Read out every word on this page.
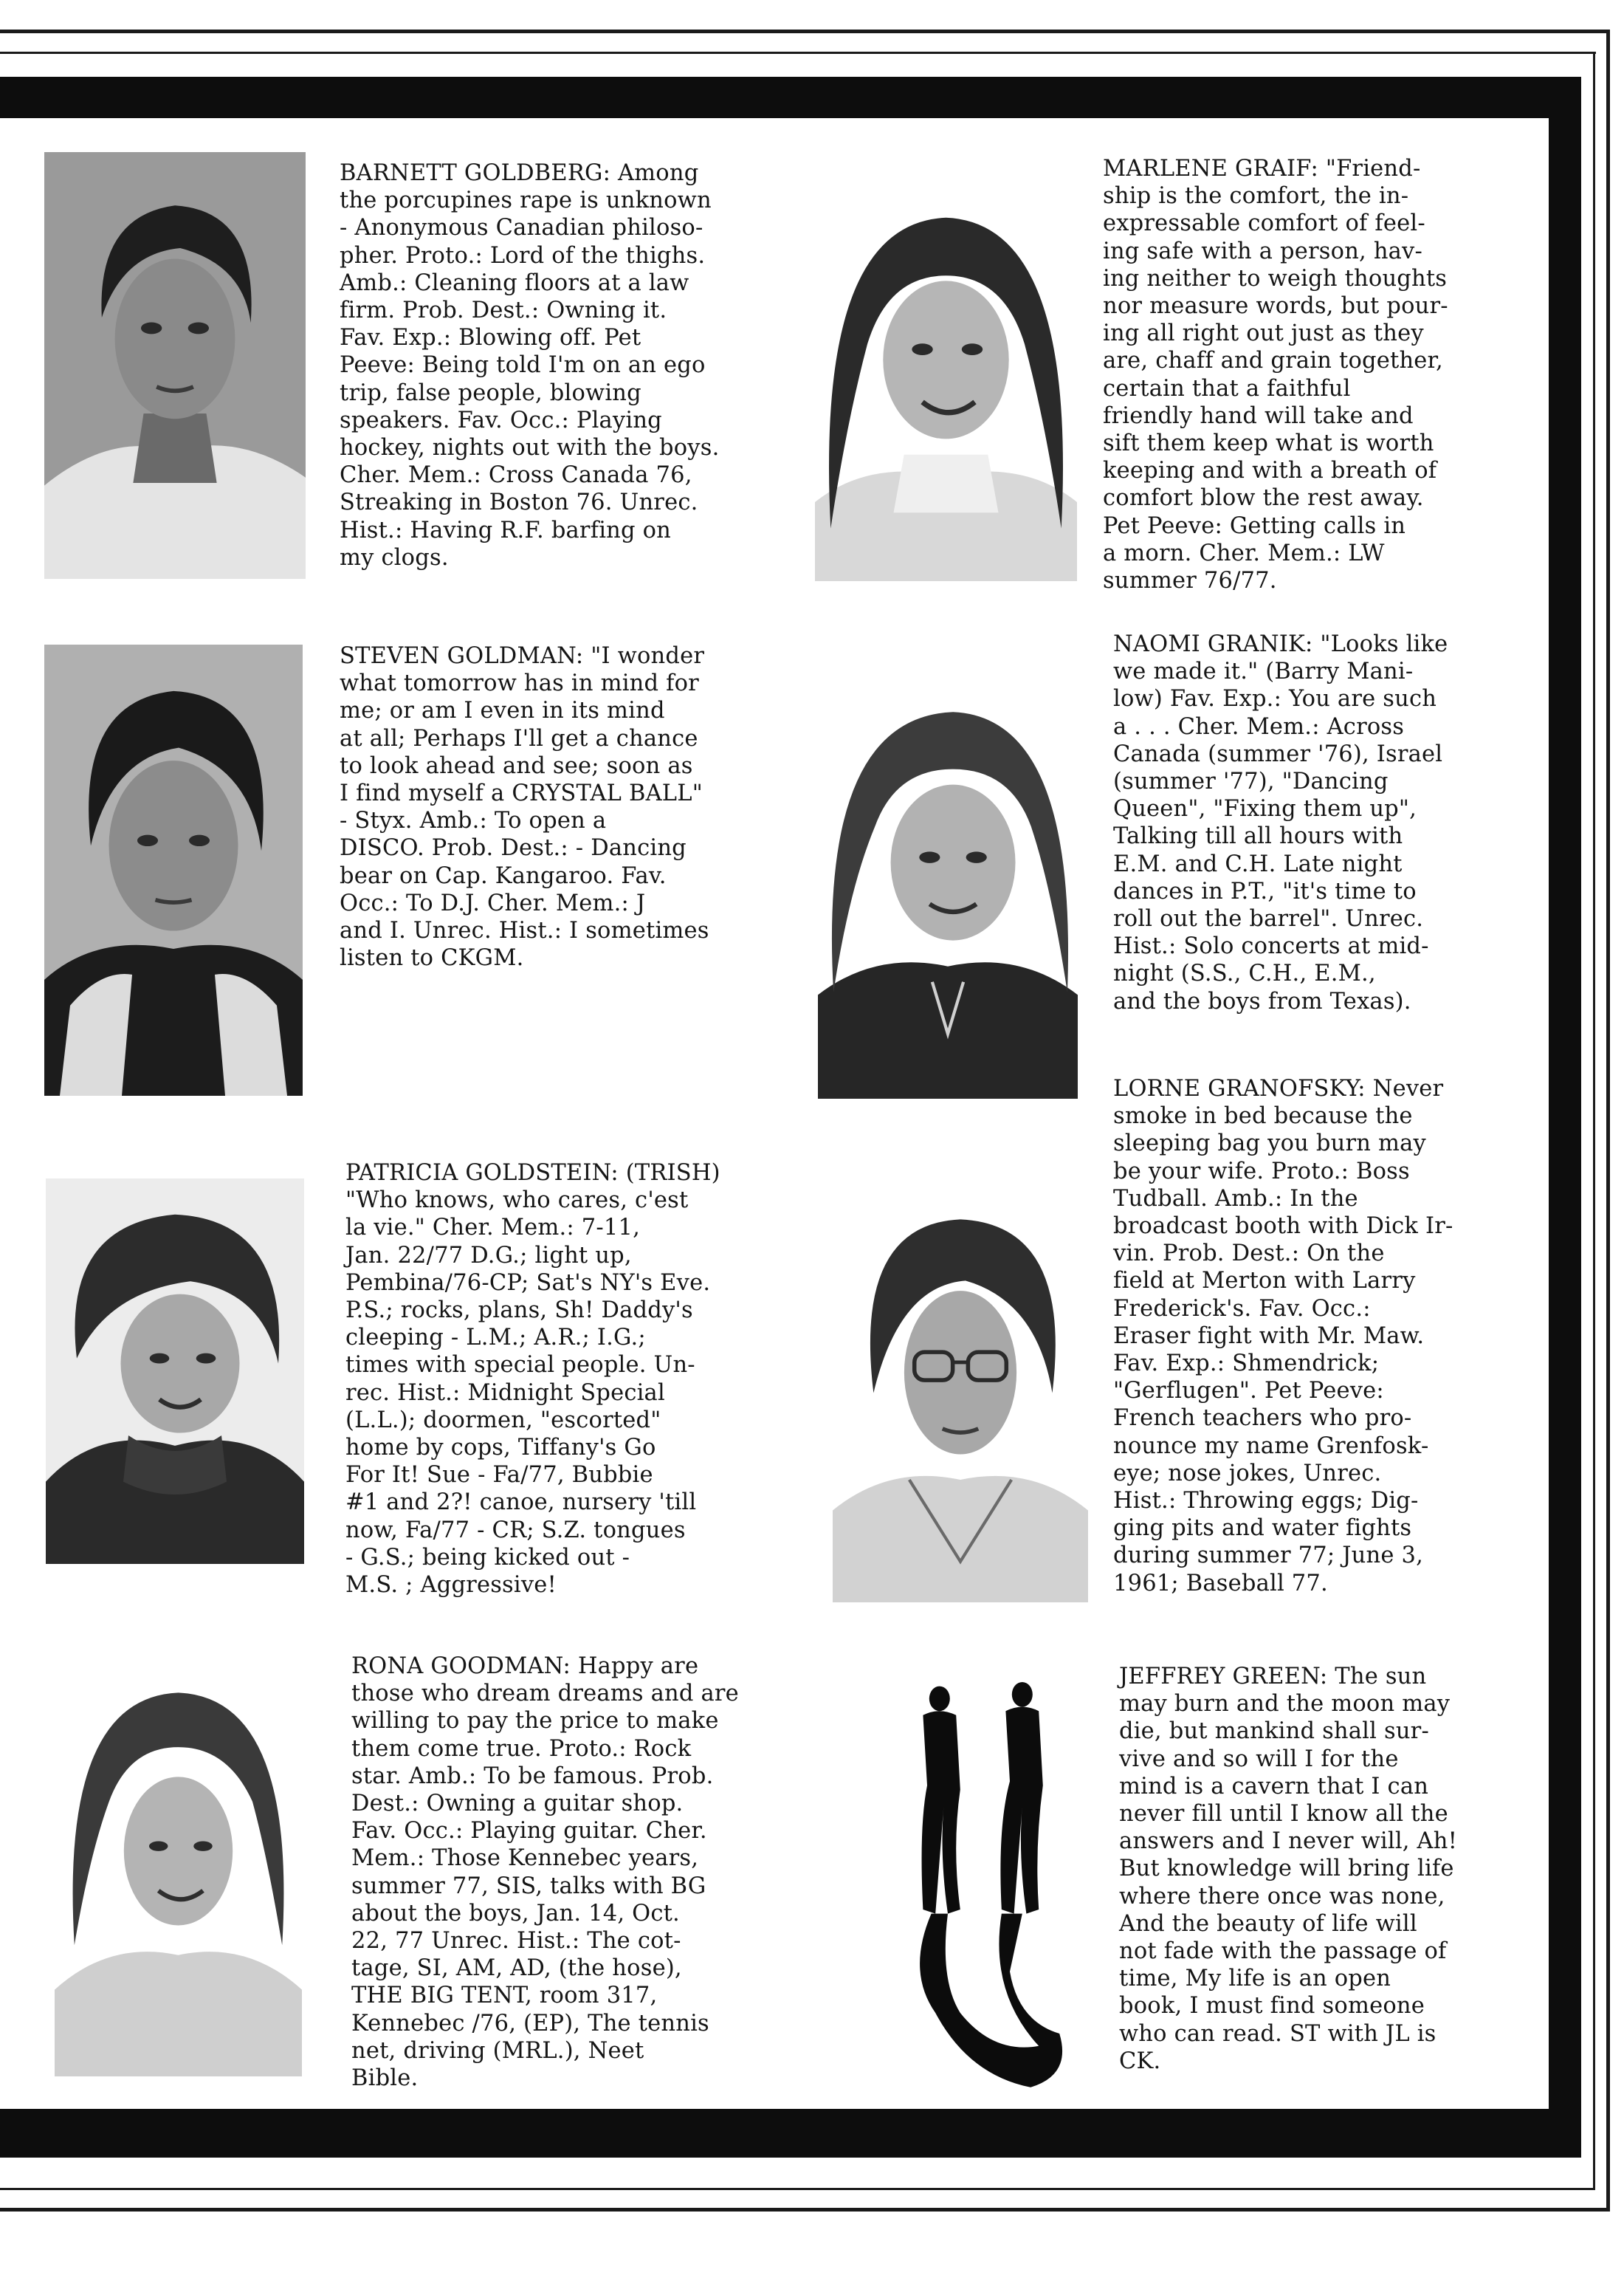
BARNETT GOLDBERG: Among
the porcupines rape is unknown
- Anonymous Canadian philoso-
pher. Proto.: Lord of the thighs.
Amb.: Cleaning floors at a law
firm. Prob. Dest.: Owning it.
Fav. Exp.: Blowing off. Pet
Peeve: Being told I'm on an ego
trip, false people, blowing
speakers. Fav. Occ.: Playing
hockey, nights out with the boys.
Cher. Mem.: Cross Canada 76,
Streaking in Boston 76. Unrec.
Hist.: Having R.F. barfing on
my clogs.

STEVEN GOLDMAN: "I wonder
what tomorrow has in mind for
me; or am I even in its mind
at all; Perhaps I'll get a chance
to look ahead and see; soon as
I find myself a CRYSTAL BALL"
- Styx. Amb.: To open a
DISCO. Prob. Dest.: - Dancing
bear on Cap. Kangaroo. Fav.
Occ.: To D.J. Cher. Mem.: J
and I. Unrec. Hist.: I sometimes
listen to CKGM.

PATRICIA GOLDSTEIN: (TRISH)
"Who knows, who cares, c'est
la vie." Cher. Mem.: 7-11,
Jan. 22/77 D.G.; light up,
Pembina/76-CP; Sat's NY's Eve.
P.S.; rocks, plans, Sh! Daddy's
cleeping - L.M.; A.R.; I.G.;
times with special people. Un-
rec. Hist.: Midnight Special
(L.L.); doormen, "escorted"
home by cops, Tiffany's Go
For It! Sue - Fa/77, Bubbie
#1 and 2?! canoe, nursery 'till
now, Fa/77 - CR; S.Z. tongues
- G.S.; being kicked out -
M.S. ; Aggressive!

RONA GOODMAN: Happy are
those who dream dreams and are
willing to pay the price to make
them come true. Proto.: Rock
star. Amb.: To be famous. Prob.
Dest.: Owning a guitar shop.
Fav. Occ.: Playing guitar. Cher.
Mem.: Those Kennebec years,
summer 77, SIS, talks with BG
about the boys, Jan. 14, Oct.
22, 77 Unrec. Hist.: The cot-
tage, SI, AM, AD, (the hose),
THE BIG TENT, room 317,
Kennebec /76, (EP), The tennis
net, driving (MRL.), Neet
Bible.

MARLENE GRAIF: "Friend-
ship is the comfort, the in-
expressable comfort of feel-
ing safe with a person, hav-
ing neither to weigh thoughts
nor measure words, but pour-
ing all right out just as they
are, chaff and grain together,
certain that a faithful
friendly hand will take and
sift them keep what is worth
keeping and with a breath of
comfort blow the rest away.
Pet Peeve: Getting calls in
a morn. Cher. Mem.: LW
summer 76/77.

NAOMI GRANIK: "Looks like
we made it." (Barry Mani-
low) Fav. Exp.: You are such
a . . . Cher. Mem.: Across
Canada (summer '76), Israel
(summer '77), "Dancing
Queen", "Fixing them up",
Talking till all hours with
E.M. and C.H. Late night
dances in P.T., "it's time to
roll out the barrel". Unrec.
Hist.: Solo concerts at mid-
night (S.S., C.H., E.M.,
and the boys from Texas).

LORNE GRANOFSKY: Never
smoke in bed because the
sleeping bag you burn may
be your wife. Proto.: Boss
Tudball. Amb.: In the
broadcast booth with Dick Ir-
vin. Prob. Dest.: On the
field at Merton with Larry
Frederick's. Fav. Occ.:
Eraser fight with Mr. Maw.
Fav. Exp.: Shmendrick;
"Gerflugen". Pet Peeve:
French teachers who pro-
nounce my name Grenfosk-
eye; nose jokes, Unrec.
Hist.: Throwing eggs; Dig-
ging pits and water fights
during summer 77; June 3,
1961; Baseball 77.

JEFFREY GREEN: The sun
may burn and the moon may
die, but mankind shall sur-
vive and so will I for the
mind is a cavern that I can
never fill until I know all the
answers and I never will, Ah!
But knowledge will bring life
where there once was none,
And the beauty of life will
not fade with the passage of
time, My life is an open
book, I must find someone
who can read. ST with JL is
CK.
